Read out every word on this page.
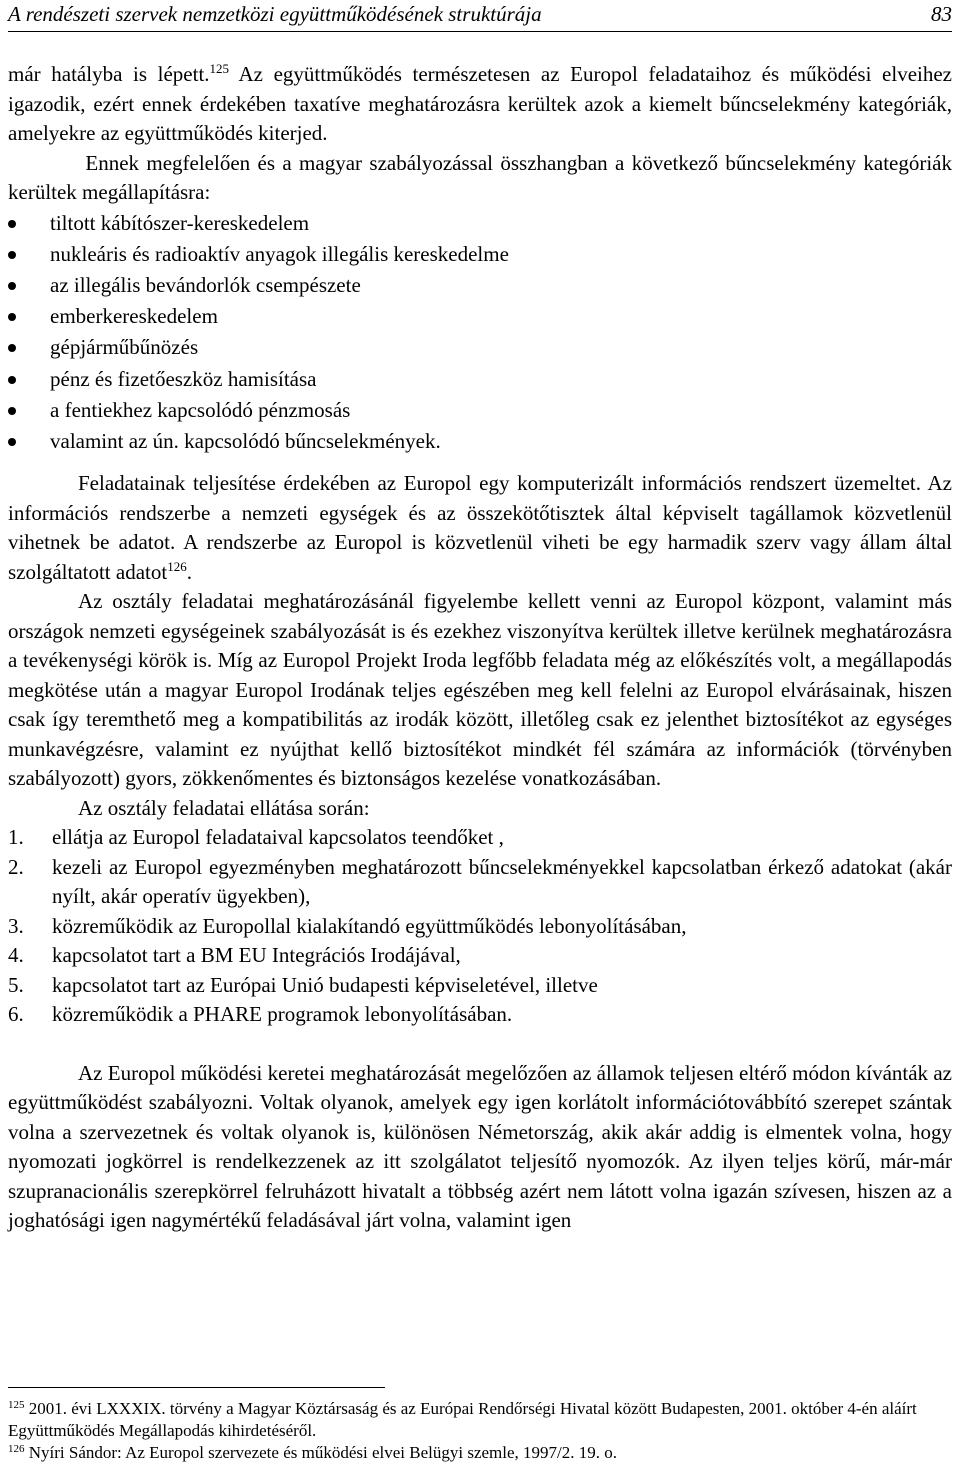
A rendészeti szervek nemzetközi együttműködésének struktúrája	83

már hatályba is lépett.$^{125}$ Az együttműködés természetesen az Europol feladataihoz és működési elveihez igazodik, ezért ennek érdekében taxatíve meghatározásra kerültek azok a kiemelt bűncselekmény kategóriák, amelyekre az együttműködés kiterjed.
Ennek megfelelően és a magyar szabályozással összhangban a következő bűncselekmény kategóriák kerültek megállapításra:

tiltott kábítószer-kereskedelem
nukleáris és radioaktív anyagok illegális kereskedelme
az illegális bevándorlók csempészete
emberkereskedelem
gépjárműbűnözés
pénz és fizetőeszköz hamisítása
a fentiekhez kapcsolódó pénzmosás
valamint az ún. kapcsolódó bűncselekmények.

Feladatainak teljesítése érdekében az Europol egy komputerizált információs rendszert üzemeltet. Az információs rendszerbe a nemzeti egységek és az összekötőtisztek által képviselt tagállamok közvetlenül vihetnek be adatot. A rendszerbe az Europol is közvetlenül viheti be egy harmadik szerv vagy állam által szolgáltatott adatot$^{126}$.

Az osztály feladatai meghatározásánál figyelembe kellett venni az Europol központ, valamint más országok nemzeti egységeinek szabályozását is és ezekhez viszonyítva kerültek illetve kerülnek meghatározásra a tevékenységi körök is. Míg az Europol Projekt Iroda legfőbb feladata még az előkészítés volt, a megállapodás megkötése után a magyar Europol Irodának teljes egészében meg kell felelni az Europol elvárásainak, hiszen csak így teremthető meg a kompatibilitás az irodák között, illetőleg csak ez jelenthet biztosítékot az egységes munkavégzésre, valamint ez nyújthat kellő biztosítékot mindkét fél számára az információk (törvényben szabályozott) gyors, zökkenőmentes és biztonságos kezelése vonatkozásában.

Az osztály feladatai ellátása során:

1. ellátja az Europol feladataival kapcsolatos teendőket ,
2. kezeli az Europol egyezményben meghatározott bűncselekményekkel kapcsolatban érkező adatokat (akár nyílt, akár operatív ügyekben),
3. közreműködik az Europollal kialakítandó együttműködés lebonyolításában,
4. kapcsolatot tart a BM EU Integrációs Irodájával,
5. kapcsolatot tart az Európai Unió budapesti képviseletével, illetve
6. közreműködik a PHARE programok lebonyolításában.

Az Europol működési keretei meghatározását megelőzően az államok teljesen eltérő módon kívánták az együttműködést szabályozni. Voltak olyanok, amelyek egy igen korlátolt információtovábbító szerepet szántak volna a szervezetnek és voltak olyanok is, különösen Németország, akik akár addig is elmentek volna, hogy nyomozati jogkörrel is rendelkezzenek az itt szolgálatot teljesítő nyomozók. Az ilyen teljes körű, már-már szupranacionális szerepkörrel felruházott hivatalt a többség azért nem látott volna igazán szívesen, hiszen az a joghatósági igen nagymértékű feladásával járt volna, valamint igen

$^{125}$ 2001. évi LXXXIX. törvény a Magyar Köztársaság és az Európai Rendőrségi Hivatal között Budapesten, 2001. október 4-én aláírt Együttműködés Megállapodás kihirdetéséről.

$^{126}$ Nyíri Sándor: Az Europol szervezete és működési elvei Belügyi szemle, 1997/2. 19. o.
